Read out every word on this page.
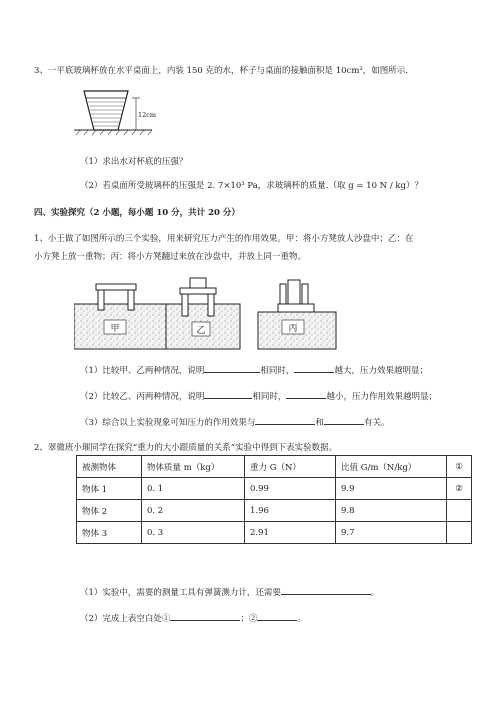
3、一平底玻璃杯放在水平桌面上，内装 150 克的水，杯子与桌面的接触面积是 10cm²，如图所示.
12cm
（1）求出水对杯底的压强？
（2）若桌面所受玻璃杯的压强是 2. 7×10³ Pa，求玻璃杯的质量.（取 g = 10 N / kg）？
四、实验探究（2 小题，每小题 10 分，共计 20 分）
1、小王做了如图所示的三个实验，用来研究压力产生的作用效果。甲：将小方凳放人沙盘中；乙：在
小方凳上放一重物；丙：将小方凳翻过来放在沙盘中，并放上同一重物。
甲	乙	丙
（1）比较甲、乙两种情况，说明	相同时，	越大，压力效果越明显；
（2）比较乙、丙两种情况，说明	相同时，	越小，压力作用效果越明显；
（3）综合以上实验现象可知压力的作用效果与	和	有关。
2、翠微班小璀同学在探究“重力的大小跟质量的关系”实验中得到下表实验数据。
被测物体	物体质量 m（kg）	重力 G（N）	比值 G/m（N/kg）	①
物体 1	0. 1	0.99	9.9	②
物体 2	0. 2	1.96	9.8	
物体 3	0. 3	2.91	9.7	
（1）实验中，需要的测量工具有弹簧测力计，还需要	。
（2）完成上表空白处①	；②	。
